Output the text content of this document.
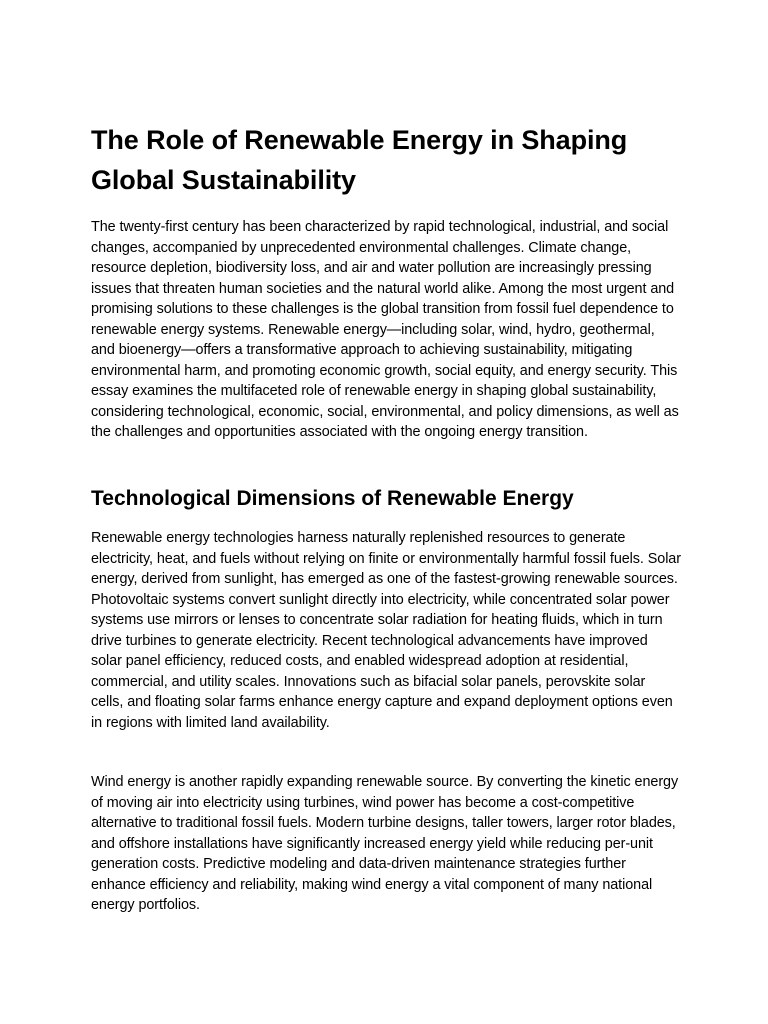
The Role of Renewable Energy in Shaping Global Sustainability

The twenty-first century has been characterized by rapid technological, industrial, and social changes, accompanied by unprecedented environmental challenges. Climate change, resource depletion, biodiversity loss, and air and water pollution are increasingly pressing issues that threaten human societies and the natural world alike. Among the most urgent and promising solutions to these challenges is the global transition from fossil fuel dependence to renewable energy systems. Renewable energy—including solar, wind, hydro, geothermal, and bioenergy—offers a transformative approach to achieving sustainability, mitigating environmental harm, and promoting economic growth, social equity, and energy security. This essay examines the multifaceted role of renewable energy in shaping global sustainability, considering technological, economic, social, environmental, and policy dimensions, as well as the challenges and opportunities associated with the ongoing energy transition.

Technological Dimensions of Renewable Energy

Renewable energy technologies harness naturally replenished resources to generate electricity, heat, and fuels without relying on finite or environmentally harmful fossil fuels. Solar energy, derived from sunlight, has emerged as one of the fastest-growing renewable sources. Photovoltaic systems convert sunlight directly into electricity, while concentrated solar power systems use mirrors or lenses to concentrate solar radiation for heating fluids, which in turn drive turbines to generate electricity. Recent technological advancements have improved solar panel efficiency, reduced costs, and enabled widespread adoption at residential, commercial, and utility scales. Innovations such as bifacial solar panels, perovskite solar cells, and floating solar farms enhance energy capture and expand deployment options even in regions with limited land availability.

Wind energy is another rapidly expanding renewable source. By converting the kinetic energy of moving air into electricity using turbines, wind power has become a cost-competitive alternative to traditional fossil fuels. Modern turbine designs, taller towers, larger rotor blades, and offshore installations have significantly increased energy yield while reducing per-unit generation costs. Predictive modeling and data-driven maintenance strategies further enhance efficiency and reliability, making wind energy a vital component of many national energy portfolios.
